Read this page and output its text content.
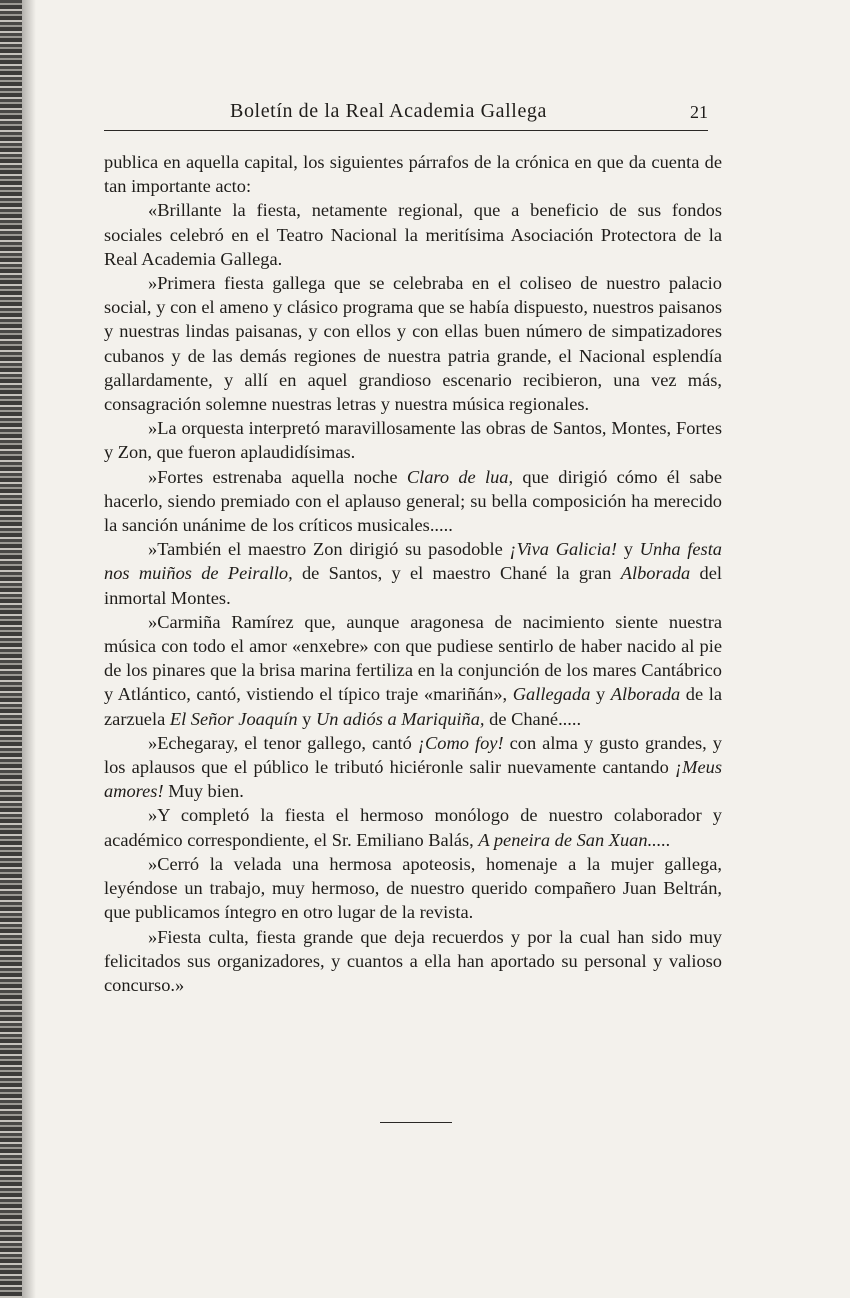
Boletín de la Real Academia Gallega	21

publica en aquella capital, los siguientes párrafos de la crónica en que da cuenta de tan importante acto:

«Brillante la fiesta, netamente regional, que a beneficio de sus fondos sociales celebró en el Teatro Nacional la meritísima Asociación Protectora de la Real Academia Gallega.

»Primera fiesta gallega que se celebraba en el coliseo de nuestro palacio social, y con el ameno y clásico programa que se había dispuesto, nuestros paisanos y nuestras lindas paisanas, y con ellos y con ellas buen número de simpatizadores cubanos y de las demás regiones de nuestra patria grande, el Nacional esplendía gallardamente, y allí en aquel grandioso escenario recibieron, una vez más, consagración solemne nuestras letras y nuestra música regionales.

»La orquesta interpretó maravillosamente las obras de Santos, Montes, Fortes y Zon, que fueron aplaudidísimas.

»Fortes estrenaba aquella noche Claro de lua, que dirigió cómo él sabe hacerlo, siendo premiado con el aplauso general; su bella composición ha merecido la sanción unánime de los críticos musicales.....

»También el maestro Zon dirigió su pasodoble ¡Viva Galicia! y Unha festa nos muiños de Peirallo, de Santos, y el maestro Chané la gran Alborada del inmortal Montes.

»Carmiña Ramírez que, aunque aragonesa de nacimiento siente nuestra música con todo el amor «enxebre» con que pudiese sentirlo de haber nacido al pie de los pinares que la brisa marina fertiliza en la conjunción de los mares Cantábrico y Atlántico, cantó, vistiendo el típico traje «mariñán», Gallegada y Alborada de la zarzuela El Señor Joaquín y Un adiós a Mariquiña, de Chané.....

»Echegaray, el tenor gallego, cantó ¡Como foy! con alma y gusto grandes, y los aplausos que el público le tributó hiciéronle salir nuevamente cantando ¡Meus amores! Muy bien.

»Y completó la fiesta el hermoso monólogo de nuestro colaborador y académico correspondiente, el Sr. Emiliano Balás, A peneira de San Xuan.....

»Cerró la velada una hermosa apoteosis, homenaje a la mujer gallega, leyéndose un trabajo, muy hermoso, de nuestro querido compañero Juan Beltrán, que publicamos íntegro en otro lugar de la revista.

»Fiesta culta, fiesta grande que deja recuerdos y por la cual han sido muy felicitados sus organizadores, y cuantos a ella han aportado su personal y valioso concurso.»
